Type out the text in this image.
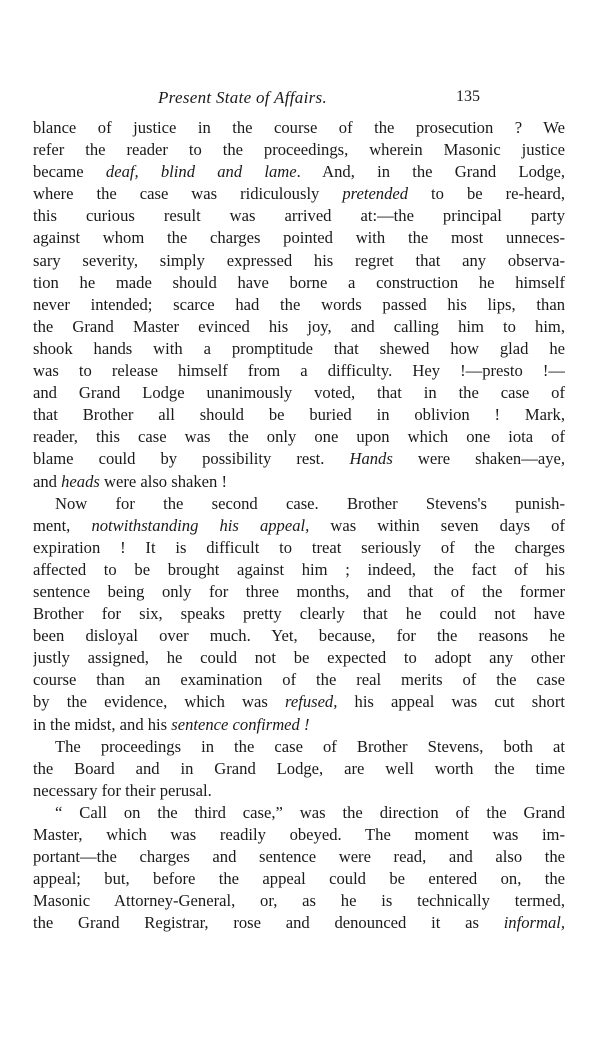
Present State of Affairs.	135
blance of justice in the course of the prosecution ? We
refer the reader to the proceedings, wherein Masonic justice
became deaf, blind and lame. And, in the Grand Lodge,
where the case was ridiculously pretended to be re-heard,
this curious result was arrived at:—the principal party
against whom the charges pointed with the most unneces-
sary severity, simply expressed his regret that any observa-
tion he made should have borne a construction he himself
never intended; scarce had the words passed his lips, than
the Grand Master evinced his joy, and calling him to him,
shook hands with a promptitude that shewed how glad he
was to release himself from a difficulty. Hey !—presto !—
and Grand Lodge unanimously voted, that in the case of
that Brother all should be buried in oblivion ! Mark,
reader, this case was the only one upon which one iota of
blame could by possibility rest. Hands were shaken—aye,
and heads were also shaken !
Now for the second case. Brother Stevens's punish-
ment, notwithstanding his appeal, was within seven days of
expiration ! It is difficult to treat seriously of the charges
affected to be brought against him ; indeed, the fact of his
sentence being only for three months, and that of the former
Brother for six, speaks pretty clearly that he could not have
been disloyal over much. Yet, because, for the reasons he
justly assigned, he could not be expected to adopt any other
course than an examination of the real merits of the case
by the evidence, which was refused, his appeal was cut short
in the midst, and his sentence confirmed !
The proceedings in the case of Brother Stevens, both at
the Board and in Grand Lodge, are well worth the time
necessary for their perusal.
“ Call on the third case,” was the direction of the Grand
Master, which was readily obeyed. The moment was im-
portant—the charges and sentence were read, and also the
appeal; but, before the appeal could be entered on, the
Masonic Attorney-General, or, as he is technically termed,
the Grand Registrar, rose and denounced it as informal,
